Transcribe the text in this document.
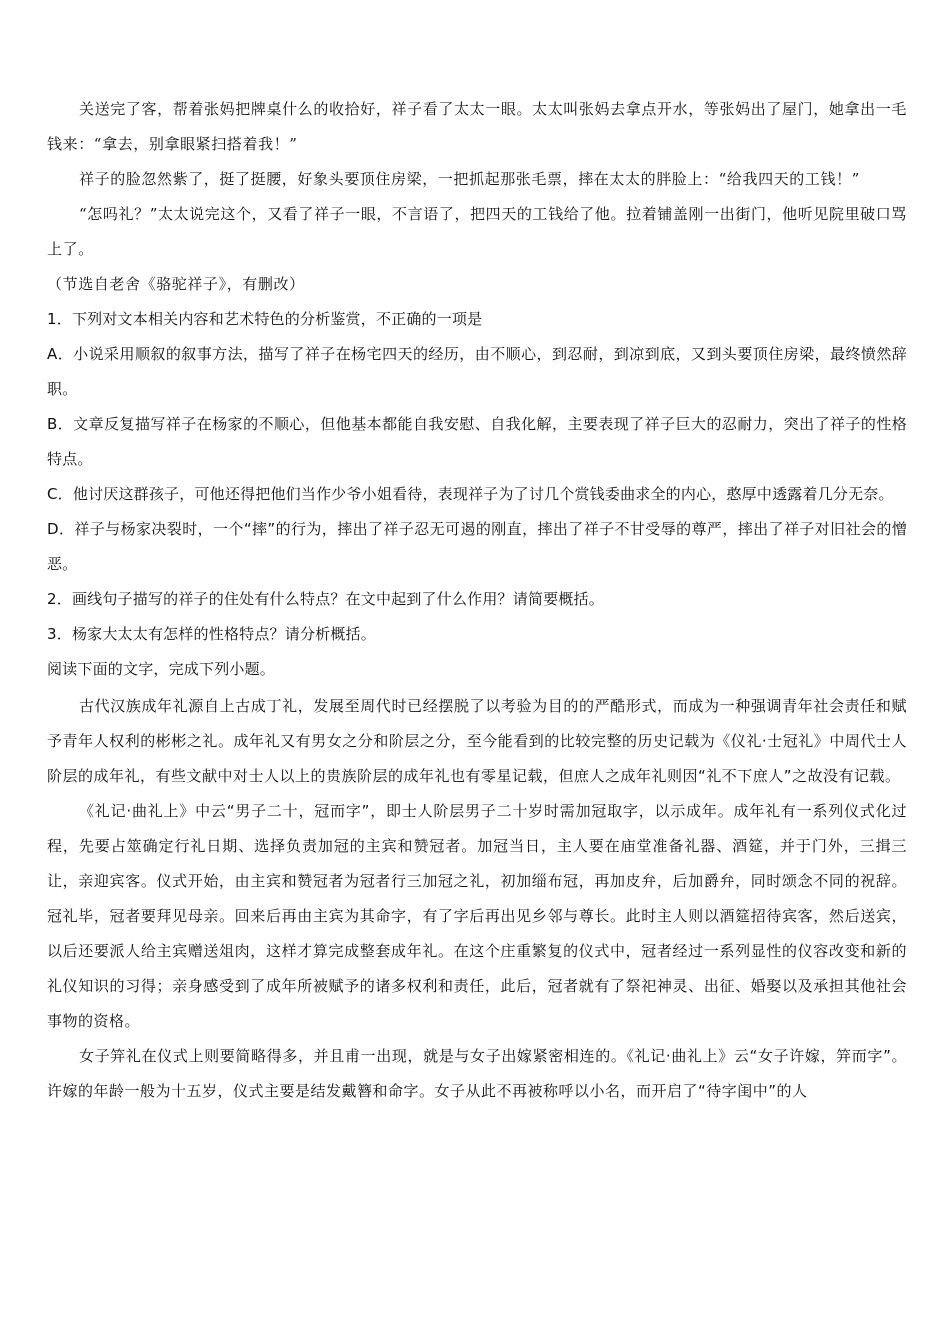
关送完了客，帮着张妈把牌桌什么的收拾好，祥子看了太太一眼。太太叫张妈去拿点开水，等张妈出了屋门，她拿出一毛钱来：“拿去，别拿眼紧扫搭着我！”

祥子的脸忽然紫了，挺了挺腰，好象头要顶住房梁，一把抓起那张毛票，摔在太太的胖脸上：“给我四天的工钱！”

“怎吗礼？”太太说完这个，又看了祥子一眼，不言语了，把四天的工钱给了他。拉着铺盖刚一出街门，他听见院里破口骂上了。

（节选自老舍《骆驼祥子》，有删改）

1．下列对文本相关内容和艺术特色的分析鉴赏，不正确的一项是

A．小说采用顺叙的叙事方法，描写了祥子在杨宅四天的经历，由不顺心，到忍耐，到凉到底，又到头要顶住房梁，最终愤然辞职。

B．文章反复描写祥子在杨家的不顺心，但他基本都能自我安慰、自我化解，主要表现了祥子巨大的忍耐力，突出了祥子的性格特点。

C．他讨厌这群孩子，可他还得把他们当作少爷小姐看待，表现祥子为了讨几个赏钱委曲求全的内心，憨厚中透露着几分无奈。

D．祥子与杨家决裂时，一个“摔”的行为，摔出了祥子忍无可遏的刚直，摔出了祥子不甘受辱的尊严，摔出了祥子对旧社会的憎恶。

2．画线句子描写的祥子的住处有什么特点？在文中起到了什么作用？请简要概括。

3．杨家大太太有怎样的性格特点？请分析概括。

阅读下面的文字，完成下列小题。

古代汉族成年礼源自上古成丁礼，发展至周代时已经摆脱了以考验为目的的严酷形式，而成为一种强调青年社会责任和赋予青年人权利的彬彬之礼。成年礼又有男女之分和阶层之分，至今能看到的比较完整的历史记载为《仪礼·士冠礼》中周代士人阶层的成年礼，有些文献中对士人以上的贵族阶层的成年礼也有零星记载，但庶人之成年礼则因“礼不下庶人”之故没有记载。

《礼记·曲礼上》中云“男子二十，冠而字”，即士人阶层男子二十岁时需加冠取字，以示成年。成年礼有一系列仪式化过程，先要占筮确定行礼日期、选择负责加冠的主宾和赞冠者。加冠当日，主人要在庙堂准备礼器、酒筵，并于门外，三揖三让，亲迎宾客。仪式开始，由主宾和赞冠者为冠者行三加冠之礼，初加缁布冠，再加皮弁，后加爵弁，同时颂念不同的祝辞。冠礼毕，冠者要拜见母亲。回来后再由主宾为其命字，有了字后再出见乡邻与尊长。此时主人则以酒筵招待宾客，然后送宾，以后还要派人给主宾赠送俎肉，这样才算完成整套成年礼。在这个庄重繁复的仪式中，冠者经过一系列显性的仪容改变和新的礼仪知识的习得；亲身感受到了成年所被赋予的诸多权利和责任，此后，冠者就有了祭祀神灵、出征、婚娶以及承担其他社会事物的资格。

女子笄礼在仪式上则要简略得多，并且甫一出现，就是与女子出嫁紧密相连的。《礼记·曲礼上》云“女子许嫁，笄而字”。许嫁的年龄一般为十五岁，仪式主要是结发戴簪和命字。女子从此不再被称呼以小名，而开启了“待字闺中”的人
